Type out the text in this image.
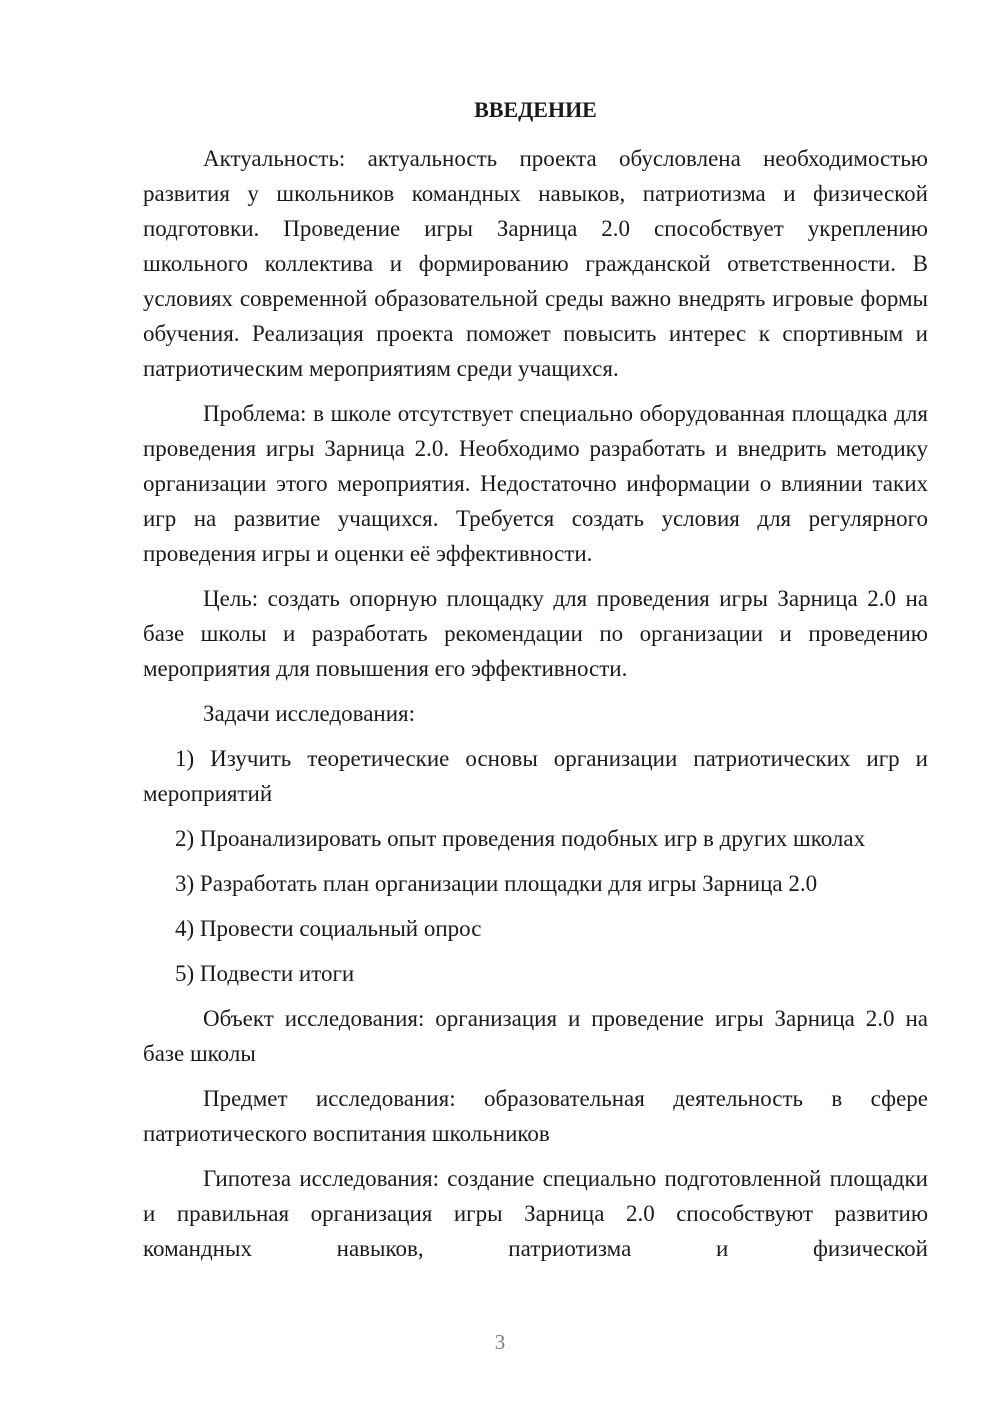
ВВЕДЕНИЕ

Актуальность: актуальность проекта обусловлена необходимостью развития у школьников командных навыков, патриотизма и физической подготовки. Проведение игры Зарница 2.0 способствует укреплению школьного коллектива и формированию гражданской ответственности. В условиях современной образовательной среды важно внедрять игровые формы обучения. Реализация проекта поможет повысить интерес к спортивным и патриотическим мероприятиям среди учащихся.

Проблема: в школе отсутствует специально оборудованная площадка для проведения игры Зарница 2.0. Необходимо разработать и внедрить методику организации этого мероприятия. Недостаточно информации о влиянии таких игр на развитие учащихся. Требуется создать условия для регулярного проведения игры и оценки её эффективности.

Цель: создать опорную площадку для проведения игры Зарница 2.0 на базе школы и разработать рекомендации по организации и проведению мероприятия для повышения его эффективности.

Задачи исследования:

1) Изучить теоретические основы организации патриотических игр и мероприятий

2) Проанализировать опыт проведения подобных игр в других школах

3) Разработать план организации площадки для игры Зарница 2.0

4) Провести социальный опрос

5) Подвести итоги

Объект исследования: организация и проведение игры Зарница 2.0 на базе школы

Предмет исследования: образовательная деятельность в сфере патриотического воспитания школьников

Гипотеза исследования: создание специально подготовленной площадки и правильная организация игры Зарница 2.0 способствуют развитию командных навыков, патриотизма и физической

3
